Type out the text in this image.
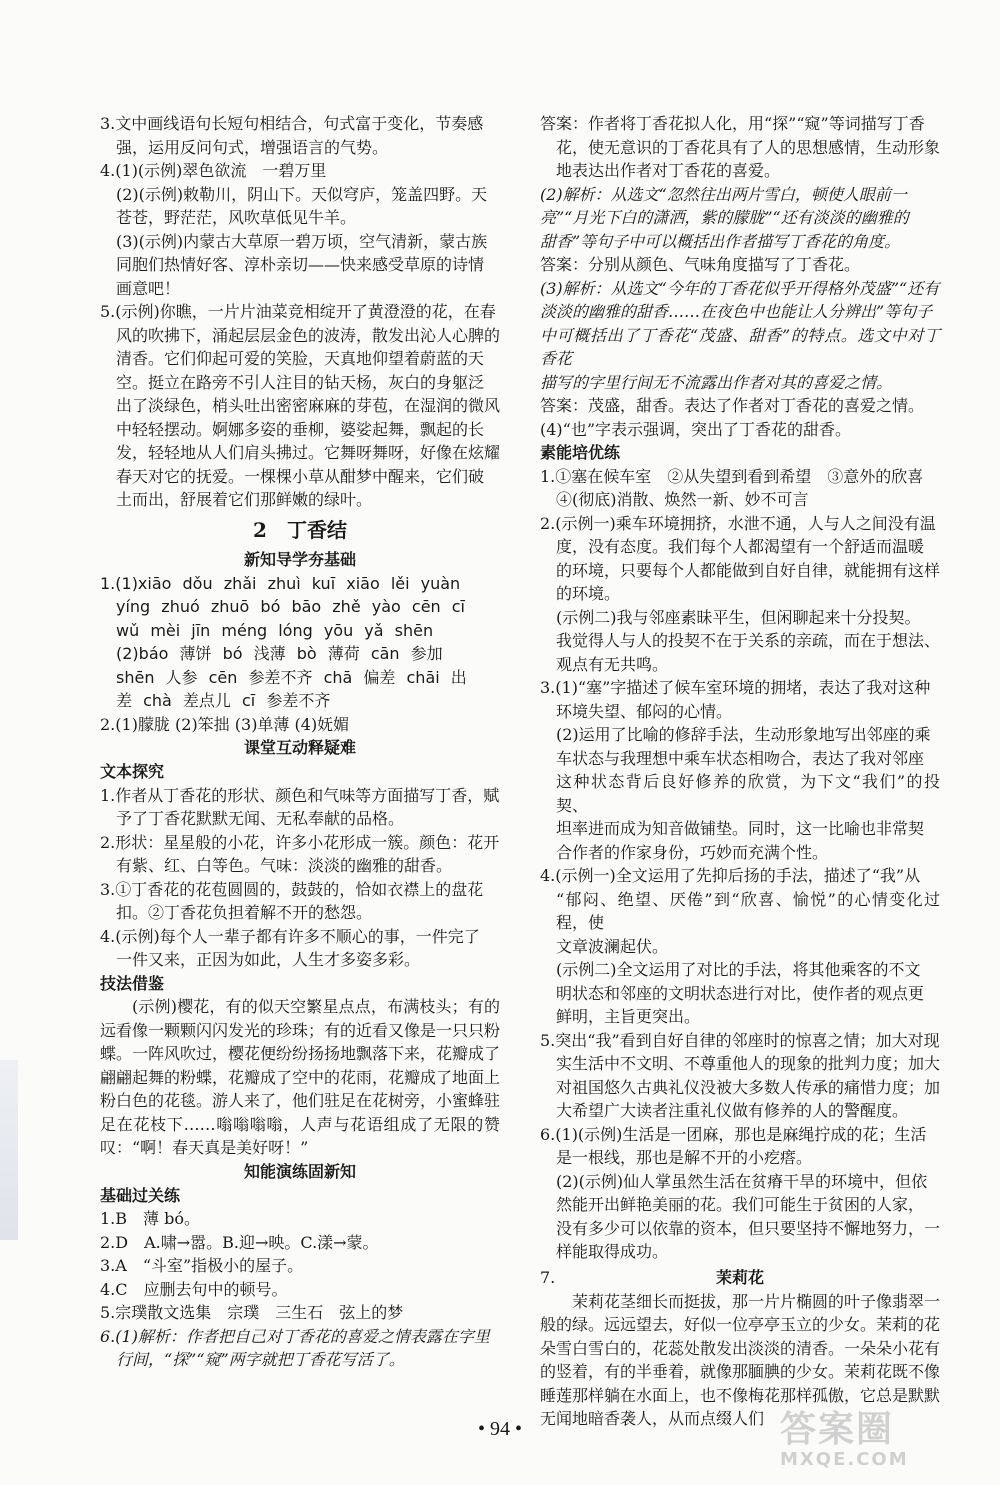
3.文中画线语句长短句相结合，句式富于变化，节奏感

强，运用反问句式，增强语言的气势。

4.(1)(示例)翠色欲流　一碧万里

(2)(示例)敕勒川，阴山下。天似穹庐，笼盖四野。天

苍苍，野茫茫，风吹草低见牛羊。

(3)(示例)内蒙古大草原一碧万顷，空气清新，蒙古族

同胞们热情好客、淳朴亲切——快来感受草原的诗情

画意吧！

5.(示例)你瞧，一片片油菜竞相绽开了黄澄澄的花，在春

风的吹拂下，涌起层层金色的波涛，散发出沁人心脾的

清香。它们仰起可爱的笑脸，天真地仰望着蔚蓝的天

空。挺立在路旁不引人注目的钻天杨，灰白的身躯泛

出了淡绿色，梢头吐出密密麻麻的芽苞，在湿润的微风

中轻轻摆动。婀娜多姿的垂柳，婆娑起舞，飘起的长

发，轻轻地从人们肩头拂过。它舞呀舞呀，好像在炫耀

春天对它的抚爱。一棵棵小草从酣梦中醒来，它们破

土而出，舒展着它们那鲜嫩的绿叶。

2　丁香结

新知导学夯基础

1.(1)xiāo dǒu zhǎi zhuì kuī xiāo lěi yuàn

yíng zhuó zhuō bó bāo zhě yào cēn cī

wǔ mèi jīn méng lóng yōu yǎ shēn

(2)báo 薄饼 bó 浅薄 bò 薄荷 cān 参加

shēn 人参 cēn 参差不齐 chā 偏差 chāi 出

差 chà 差点儿 cī 参差不齐

2.(1)朦胧 (2)笨拙 (3)单薄 (4)妩媚

课堂互动释疑难

文本探究

1.作者从丁香花的形状、颜色和气味等方面描写丁香，赋

予了丁香花默默无闻、无私奉献的品格。

2.形状：星星般的小花，许多小花形成一簇。颜色：花开

有紫、红、白等色。气味：淡淡的幽雅的甜香。

3.①丁香花的花苞圆圆的，鼓鼓的，恰如衣襟上的盘花

扣。②丁香花负担着解不开的愁怨。

4.(示例)每个人一辈子都有许多不顺心的事，一件完了

一件又来，正因为如此，人生才多姿多彩。

技法借鉴

(示例)樱花，有的似天空繁星点点，布满枝头；有的远看像一颗颗闪闪发光的珍珠；有的近看又像是一只只粉蝶。一阵风吹过，樱花便纷纷扬扬地飘落下来，花瓣成了翩翩起舞的粉蝶，花瓣成了空中的花雨，花瓣成了地面上粉白色的花毯。游人来了，他们驻足在花树旁，小蜜蜂驻足在花枝下……嗡嗡嗡嗡，人声与花语组成了无限的赞叹：“啊！春天真是美好呀！”

知能演练固新知

基础过关练

1.B　薄 bó。

2.D　A.啸→嚣。B.迎→映。C.漾→蒙。

3.A　“斗室”指极小的屋子。

4.C　应删去句中的顿号。

5.宗璞散文选集　宗璞　三生石　弦上的梦

6.(1)解析：作者把自己对丁香花的喜爱之情表露在字里

行间，“探”“窥”两字就把丁香花写活了。

答案：作者将丁香花拟人化，用“探”“窥”等词描写丁香

花，使无意识的丁香花具有了人的思想感情，生动形象

地表达出作者对丁香花的喜爱。

(2)解析：从选文“忽然往出两片雪白，顿使人眼前一

亮”“月光下白的潇洒，紫的朦胧”“还有淡淡的幽雅的

甜香”等句子中可以概括出作者描写丁香花的角度。

答案：分别从颜色、气味角度描写了丁香花。

(3)解析：从选文“今年的丁香花似乎开得格外茂盛”“还有

淡淡的幽雅的甜香……在夜色中也能让人分辨出”等句子

中可概括出了丁香花“茂盛、甜香”的特点。选文中对丁香花

描写的字里行间无不流露出作者对其的喜爱之情。

答案：茂盛，甜香。表达了作者对丁香花的喜爱之情。

(4)“也”字表示强调，突出了丁香花的甜香。

素能培优练

1.①塞在候车室　②从失望到看到希望　③意外的欣喜

④(彻底)消散、焕然一新、妙不可言

2.(示例一)乘车环境拥挤，水泄不通，人与人之间没有温

度，没有态度。我们每个人都渴望有一个舒适而温暖

的环境，只要每个人都能做到自好自律，就能拥有这样

的环境。

(示例二)我与邻座素昧平生，但闲聊起来十分投契。

我觉得人与人的投契不在于关系的亲疏，而在于想法、

观点有无共鸣。

3.(1)“塞”字描述了候车室环境的拥堵，表达了我对这种

环境失望、郁闷的心情。

(2)运用了比喻的修辞手法，生动形象地写出邻座的乘

车状态与我理想中乘车状态相吻合，表达了我对邻座

这种状态背后良好修养的欣赏，为下文“我们”的投契、

坦率进而成为知音做铺垫。同时，这一比喻也非常契

合作者的作家身份，巧妙而充满个性。

4.(示例一)全文运用了先抑后扬的手法，描述了“我”从

“郁闷、绝望、厌倦”到“欣喜、愉悦”的心情变化过程，使

文章波澜起伏。

(示例二)全文运用了对比的手法，将其他乘客的不文

明状态和邻座的文明状态进行对比，使作者的观点更

鲜明，主旨更突出。

5.突出“我”看到自好自律的邻座时的惊喜之情；加大对现

实生活中不文明、不尊重他人的现象的批判力度；加大

对祖国悠久古典礼仪没被大多数人传承的痛惜力度；加

大希望广大读者注重礼仪做有修养的人的警醒度。

6.(1)(示例)生活是一团麻，那也是麻绳拧成的花；生活

是一根线，那也是解不开的小疙瘩。

(2)(示例)仙人掌虽然生活在贫瘠干旱的环境中，但依

然能开出鲜艳美丽的花。我们可能生于贫困的人家，

没有多少可以依靠的资本，但只要坚持不懈地努力，一

样能取得成功。

7.	茉莉花

茉莉花茎细长而挺拔，那一片片椭圆的叶子像翡翠一般的绿。远远望去，好似一位亭亭玉立的少女。茉莉的花朵雪白雪白的，花蕊处散发出淡淡的清香。一朵朵小花有的竖着，有的半垂着，就像那腼腆的少女。茉莉花既不像睡莲那样躺在水面上，也不像梅花那样孤傲，它总是默默无闻地暗香袭人，从而点缀人们

• 94 •	答案圈
MXQE.COM
